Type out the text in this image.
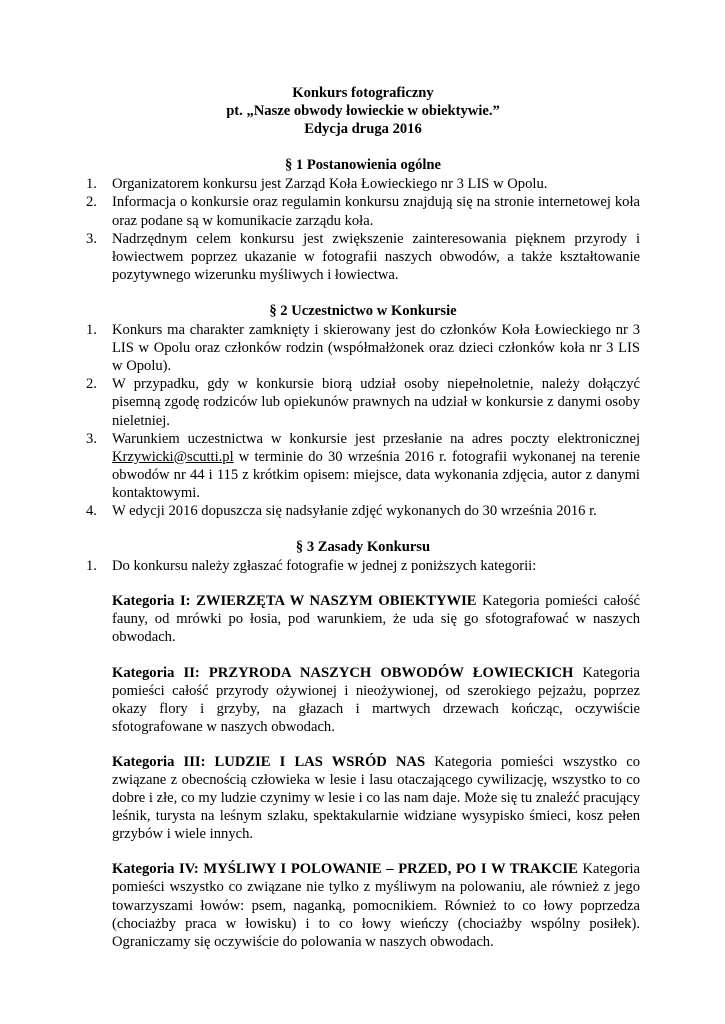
Konkurs fotograficzny
pt. „Nasze obwody łowieckie w obiektywie.”
Edycja druga 2016
§ 1 Postanowienia ogólne
1.	Organizatorem konkursu jest Zarząd Koła Łowieckiego nr 3 LIS w Opolu.
2.	Informacja o konkursie oraz regulamin konkursu znajdują się na stronie internetowej koła oraz podane są w komunikacie zarządu koła.
3.	Nadrzędnym celem konkursu jest zwiększenie zainteresowania pięknem przyrody i łowiectwem poprzez ukazanie w fotografii naszych obwodów, a także kształtowanie pozytywnego wizerunku myśliwych i łowiectwa.
§ 2 Uczestnictwo w Konkursie
1.	Konkurs ma charakter zamknięty i skierowany jest do członków Koła Łowieckiego nr 3 LIS w Opolu oraz członków rodzin (współmałżonek oraz dzieci członków koła nr 3 LIS w Opolu).
2.	W przypadku, gdy w konkursie biorą udział osoby niepełnoletnie, należy dołączyć pisemną zgodę rodziców lub opiekunów prawnych na udział w konkursie z danymi osoby nieletniej.
3.	Warunkiem uczestnictwa w konkursie jest przesłanie na adres poczty elektronicznej Krzywicki@scutti.pl w terminie do 30 września 2016 r. fotografii wykonanej na terenie obwodów nr 44 i 115 z krótkim opisem: miejsce, data wykonania zdjęcia, autor z danymi kontaktowymi.
4.	W edycji 2016 dopuszcza się nadsyłanie zdjęć wykonanych do 30 września 2016 r.
§ 3 Zasady Konkursu
1.	Do konkursu należy zgłaszać fotografie w jednej z poniższych kategorii:
Kategoria I: ZWIERZĘTA W NASZYM OBIEKTYWIE Kategoria pomieści całość fauny, od mrówki po łosia, pod warunkiem, że uda się go sfotografować w naszych obwodach.
Kategoria II: PRZYRODA NASZYCH OBWODÓW ŁOWIECKICH Kategoria pomieści całość przyrody ożywionej i nieożywionej, od szerokiego pejzażu, poprzez okazy flory i grzyby, na głazach i martwych drzewach kończąc, oczywiście sfotografowane w naszych obwodach.
Kategoria III: LUDZIE I LAS WSRÓD NAS Kategoria pomieści wszystko co związane z obecnością człowieka w lesie i lasu otaczającego cywilizację, wszystko to co dobre i złe, co my ludzie czynimy w lesie i co las nam daje. Może się tu znaleźć pracujący leśnik, turysta na leśnym szlaku, spektakularnie widziane wysypisko śmieci, kosz pełen grzybów i wiele innych.
Kategoria IV: MYŚLIWY I POLOWANIE – PRZED, PO I W TRAKCIE Kategoria pomieści wszystko co związane nie tylko z myśliwym na polowaniu, ale również z jego towarzyszami łowów: psem, naganką, pomocnikiem. Również to co łowy poprzedza (chociażby praca w łowisku) i to co łowy wieńczy (chociażby wspólny posiłek). Ograniczamy się oczywiście do polowania w naszych obwodach.
